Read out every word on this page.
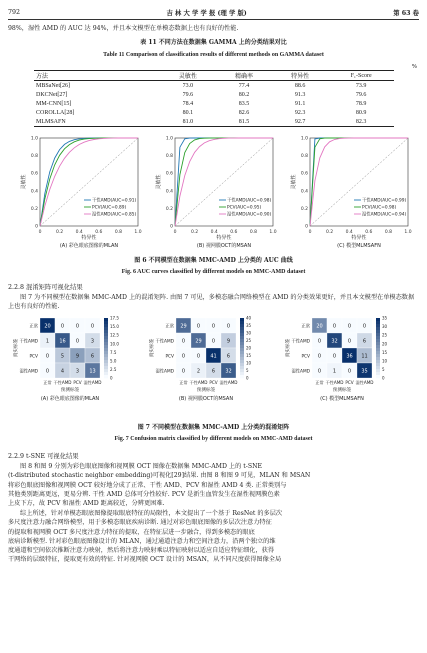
792	吉 林 大 学 学 报 (理 学 版)	第 63 卷
98%，湿性 AMD 的 AUC 达 94%，并且本文模型在单模态数据上也有良好的性能.
表 11 不同方法在数据集 GAMMA 上的分类结果对比
Table 11 Comparison of classification results of different methods on GAMMA dataset
%
方法	灵敏性	精确率	特异性	F₁-Score
MBSaNet[26]	73.0	77.4	88.6	73.9
DKCNet[27]	79.6	80.2	91.3	79.6
MM-CNN[15]	78.4	83.5	91.1	78.9
COROLLA[28]	80.1	82.6	92.3	80.9
MLMSAFN	81.0	81.5	92.7	82.3
0
0
0.2
0.2
0.4
0.4
0.6
0.6
0.8
0.8
1.0
1.0
特异性
灵敏性
干性AMD(AUC=0.91)
PCV(AUC=0.89)
湿性AMD(AUC=0.85)
(A) 彩色眼底图像的MLAN
0
0
0.2
0.2
0.4
0.4
0.6
0.6
0.8
0.8
1.0
1.0
特异性
灵敏性
干性AMD(AUC=0.98)
PCV(AUC=0.95)
湿性AMD(AUC=0.90)
(B) 视网膜OCT的MSAN
0
0
0.2
0.2
0.4
0.4
0.6
0.6
0.8
0.8
1.0
1.0
特异性
灵敏性
干性AMD(AUC=0.99)
PCV(AUC=0.98)
湿性AMD(AUC=0.94)
(C) 模型MLMSAFN
图 6 不同模型在数据集 MMC-AMD 上分类的 AUC 曲线
Fig. 6 AUC curves classified by different models on MMC-AMD dataset
2.2.8 混淆矩阵可视化结果
图 7 为不同模型在数据集 MMC-AMD 上的混淆矩阵. 由图 7 可见，多模态融合网络模型在 AMD 的分类效果更好，并且本文模型在单模态数据上也有良好的性能.
20 0 0 0
1 16 0 3
0 5 9 6
0 4 3 13
正常
正常
干性AMD
干性AMD
PCV
PCV
湿性AMD
湿性AMD
预测标签
真实标签
17.5
15.0
12.5
10.0
7.5
5.0
2.5
0
(A) 彩色眼底图像的MLAN
29 0 0 0
0 29 0 9
0 0 41 6
0 2 6 32
正常
正常
干性AMD
干性AMD
PCV
PCV
湿性AMD
湿性AMD
预测标签
真实标签
40
35
30
25
20
15
10
5
0
(B) 视网膜OCT的MSAN
20 0 0 0
0 32 0 6
0 0 36 11
0 1 0 35
正常
正常
干性AMD
干性AMD
PCV
PCV
湿性AMD
湿性AMD
预测标签
真实标签
35
30
25
20
15
10
5
0
(C) 模型MLMSAFN
图 7 不同模型在数据集 MMC-AMD 上分类的混淆矩阵
Fig. 7 Confusion matrix classified by different models on MMC-AMD dataset
2.2.9 t-SNE 可视化结果
图 8 和图 9 分别为彩色眼底图像和视网膜 OCT 图像在数据集 MMC-AMD 上的 t-SNE
(t-distributed stochastic neighbor embedding)可视化[29]结果. 由图 8 和图 9 可见，MLAN 和 MSAN
将彩色眼底图像和视网膜 OCT 较好地分成了正常、干性 AMD、PCV 和湿性 AMD 4 类. 正常类别与
其他类别距离更远，更易分辨. 干性 AMD 总体可分性较好. PCV 是新生血管发生在湿性视网膜色素
上皮下方，故 PCV 和湿性 AMD 距离较近，分辨更困难.
综上所述，针对单模态眼底图像提取眼底特征的局限性，本文提出了一个基于 ResNet 的多层次
多尺度注意力融合网络模型，用于多模态眼底疾病诊断. 通过对彩色眼底图像的多层次注意力特征
的提取和视网膜 OCT 多尺度注意力特征的提取，在特征层进一步融合，得到多模态的眼底
底病诊断模型. 针对彩色眼底图像设计的 MLAN，通过通道注意力和空间注意力，沿两个独立的维
度通道和空间依次推断注意力映射，然后将注意力映射乘以特征映射以适应自适应特征细化，获得
干网络的层级特征，提取更有效的特征. 针对视网膜 OCT 设计的 MSAN，从不同尺度获得图像全局
